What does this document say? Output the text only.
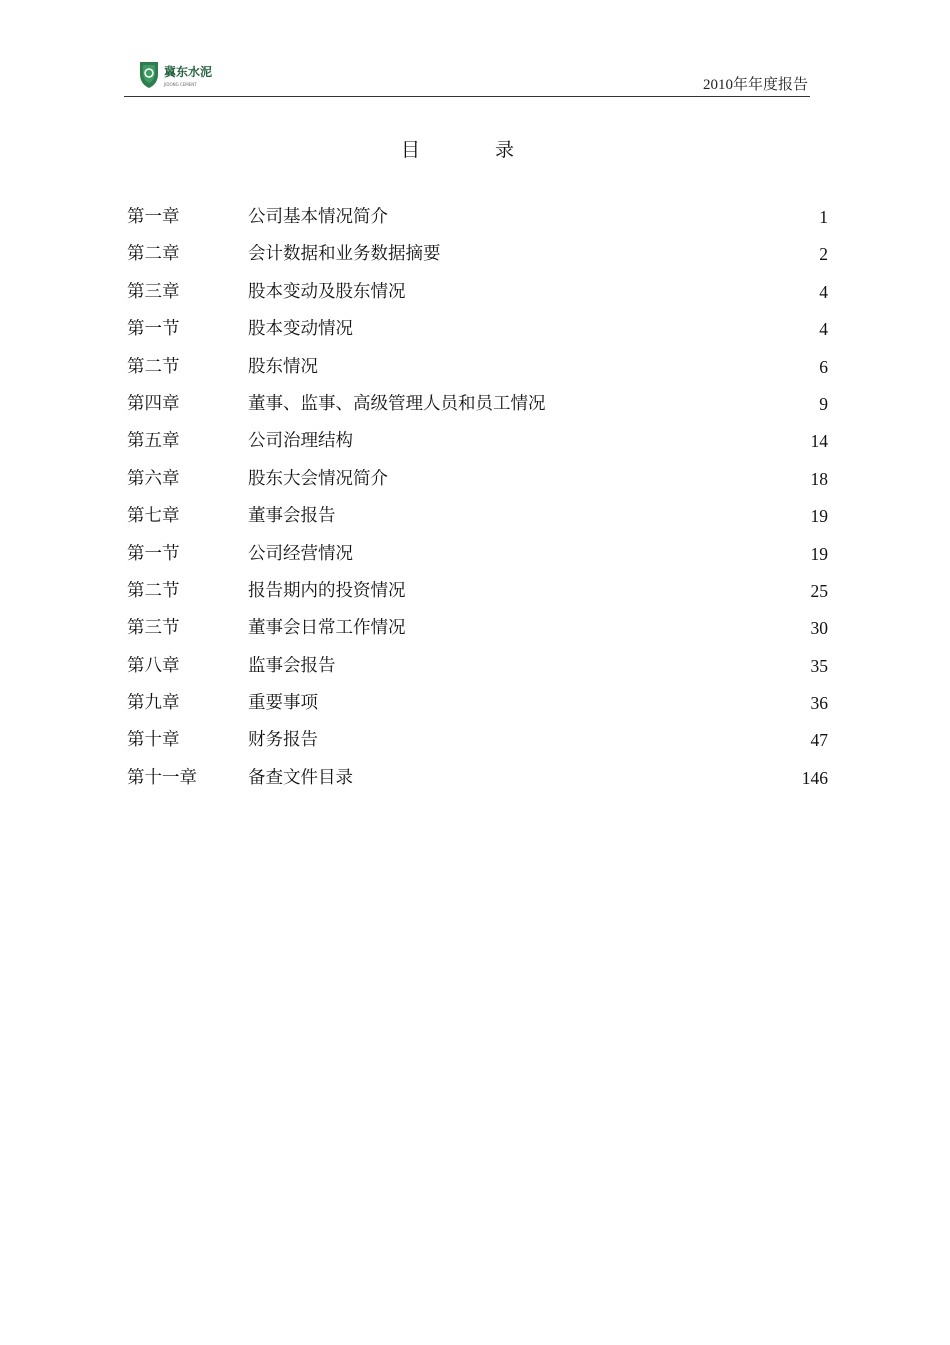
冀东水泥
JIDONG CEMENT	2010年年度报告
目录
第一章	公司基本情况简介	1
第二章	会计数据和业务数据摘要	2
第三章	股本变动及股东情况	4
第一节	股本变动情况	4
第二节	股东情况	6
第四章	董事、监事、高级管理人员和员工情况	9
第五章	公司治理结构	14
第六章	股东大会情况简介	18
第七章	董事会报告	19
第一节	公司经营情况	19
第二节	报告期内的投资情况	25
第三节	董事会日常工作情况	30
第八章	监事会报告	35
第九章	重要事项	36
第十章	财务报告	47
第十一章	备查文件目录	146
